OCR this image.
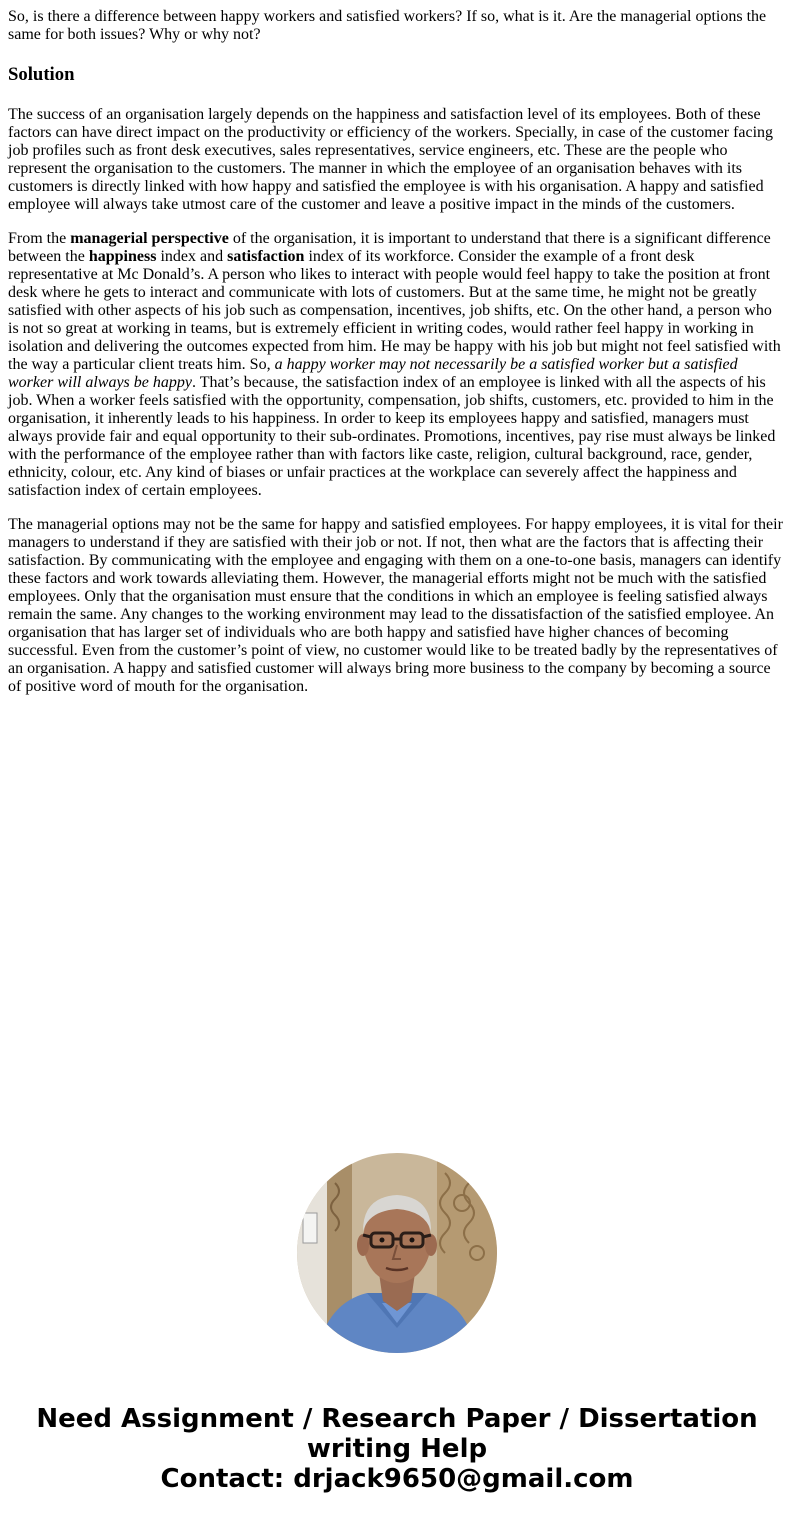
So, is there a difference between happy workers and satisfied workers? If so, what is it. Are the managerial options the same for both issues? Why or why not?

Solution

The success of an organisation largely depends on the happiness and satisfaction level of its employees. Both of these factors can have direct impact on the productivity or efficiency of the workers. Specially, in case of the customer facing job profiles such as front desk executives, sales representatives, service engineers, etc. These are the people who represent the organisation to the customers. The manner in which the employee of an organisation behaves with its customers is directly linked with how happy and satisfied the employee is with his organisation. A happy and satisfied employee will always take utmost care of the customer and leave a positive impact in the minds of the customers.

From the managerial perspective of the organisation, it is important to understand that there is a significant difference between the happiness index and satisfaction index of its workforce. Consider the example of a front desk representative at Mc Donald’s. A person who likes to interact with people would feel happy to take the position at front desk where he gets to interact and communicate with lots of customers. But at the same time, he might not be greatly satisfied with other aspects of his job such as compensation, incentives, job shifts, etc. On the other hand, a person who is not so great at working in teams, but is extremely efficient in writing codes, would rather feel happy in working in isolation and delivering the outcomes expected from him. He may be happy with his job but might not feel satisfied with the way a particular client treats him. So, a happy worker may not necessarily be a satisfied worker but a satisfied worker will always be happy. That’s because, the satisfaction index of an employee is linked with all the aspects of his job. When a worker feels satisfied with the opportunity, compensation, job shifts, customers, etc. provided to him in the organisation, it inherently leads to his happiness. In order to keep its employees happy and satisfied, managers must always provide fair and equal opportunity to their sub-ordinates. Promotions, incentives, pay rise must always be linked with the performance of the employee rather than with factors like caste, religion, cultural background, race, gender, ethnicity, colour, etc. Any kind of biases or unfair practices at the workplace can severely affect the happiness and satisfaction index of certain employees.

The managerial options may not be the same for happy and satisfied employees. For happy employees, it is vital for their managers to understand if they are satisfied with their job or not. If not, then what are the factors that is affecting their satisfaction. By communicating with the employee and engaging with them on a one-to-one basis, managers can identify these factors and work towards alleviating them. However, the managerial efforts might not be much with the satisfied employees. Only that the organisation must ensure that the conditions in which an employee is feeling satisfied always remain the same. Any changes to the working environment may lead to the dissatisfaction of the satisfied employee. An organisation that has larger set of individuals who are both happy and satisfied have higher chances of becoming successful. Even from the customer’s point of view, no customer would like to be treated badly by the representatives of an organisation. A happy and satisfied customer will always bring more business to the company by becoming a source of positive word of mouth for the organisation.

Need Assignment / Research Paper / Dissertation
writing Help
Contact: drjack9650@gmail.com
